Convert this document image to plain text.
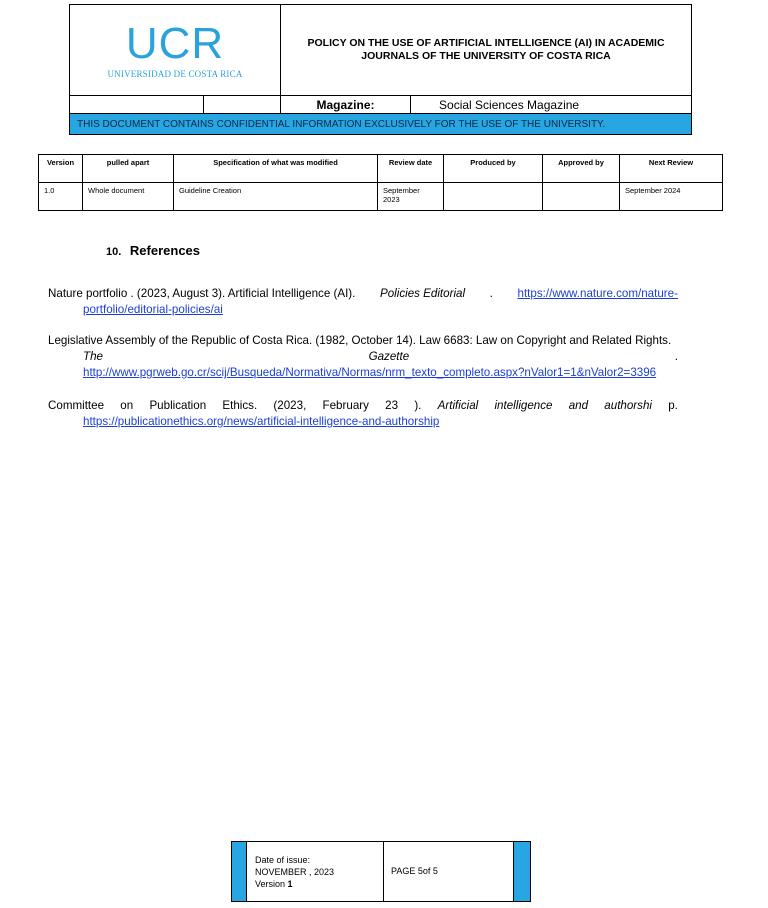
UCR
UNIVERSIDAD DE COSTA RICA		POLICY ON THE USE OF ARTIFICIAL INTELLIGENCE (AI) IN ACADEMIC JOURNALS OF THE UNIVERSITY OF COSTA RICA	
		Magazine:	Social Sciences Magazine
THIS DOCUMENT CONTAINS CONFIDENTIAL INFORMATION EXCLUSIVELY FOR THE USE OF THE UNIVERSITY.			
Version	pulled apart	Specification of what was modified	Review date	Produced by	Approved by	Next Review
1.0	Whole document	Guideline Creation	September 2023			September 2024
10. References
Nature portfolio . (2023, August 3). Artificial Intelligence (AI). Policies Editorial . https://www.nature.com/nature-
portfolio/editorial-policies/ai
Legislative Assembly of the Republic of Costa Rica. (1982, October 14). Law 6683: Law on Copyright and Related Rights.
The	Gazette	.
http://www.pgrweb.go.cr/scij/Busqueda/Normativa/Normas/nrm_texto_completo.aspx?nValor1=1&nValor2=3396
Committee on Publication Ethics. (2023, February 23 ). Artificial intelligence and authorshi p.
https://publicationethics.org/news/artificial-intelligence-and-authorship
Date of issue:
NOVEMBER , 2023
Version 1
PAGE 5of 5
